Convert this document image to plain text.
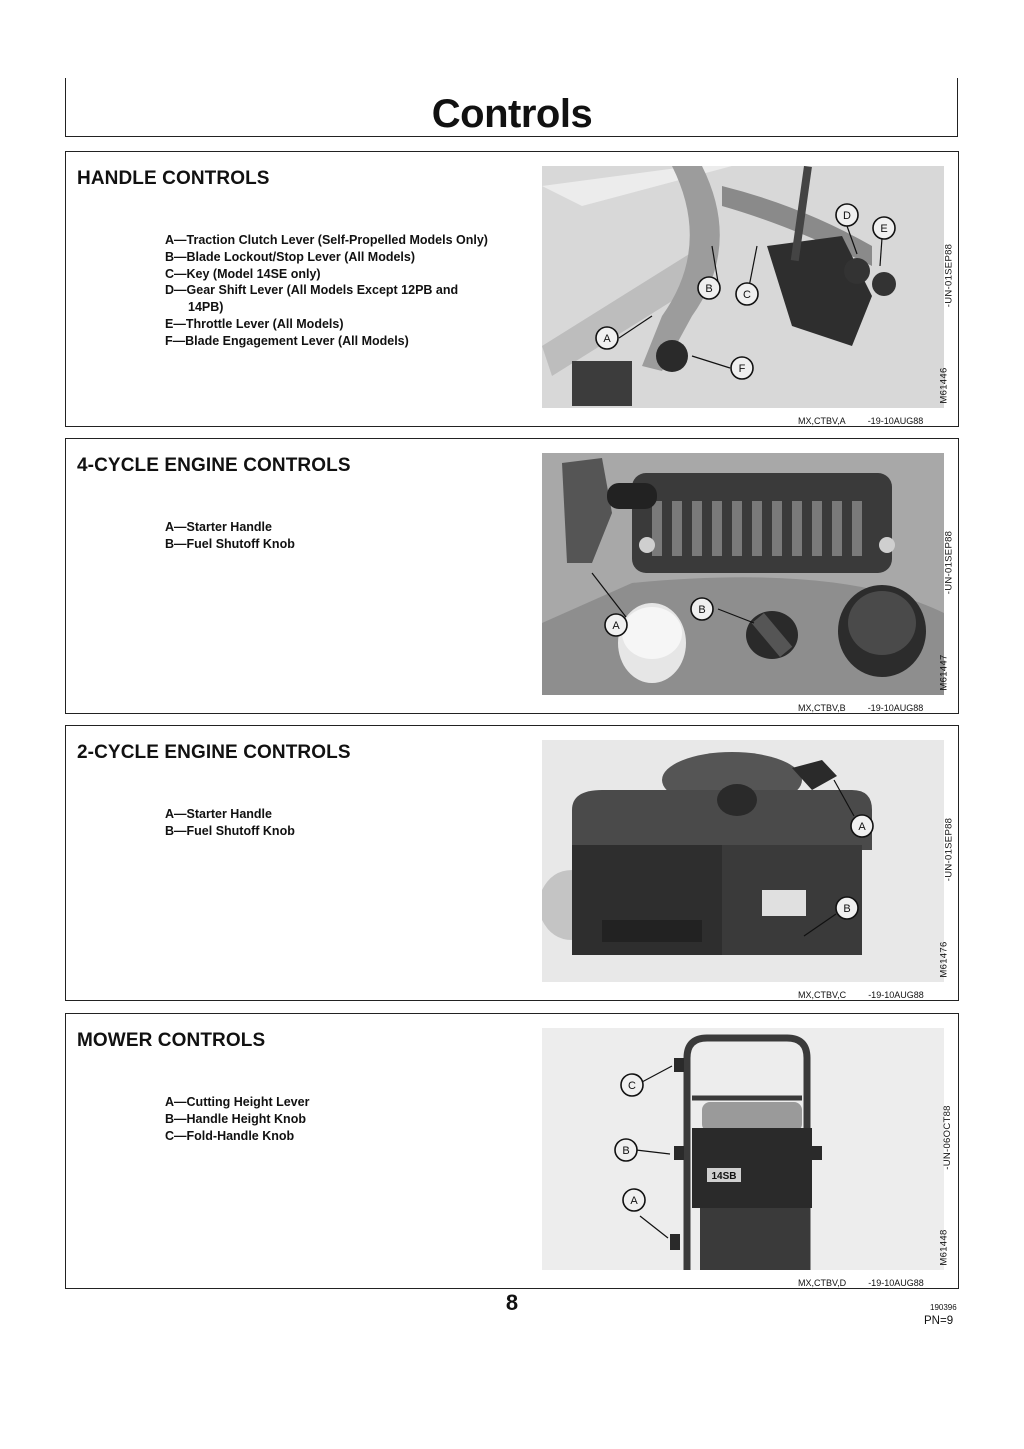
Controls
HANDLE CONTROLS
A—Traction Clutch Lever (Self-Propelled Models Only)
B—Blade Lockout/Stop Lever (All Models)
C—Key (Model 14SE only)
D—Gear Shift Lever (All Models Except 12PB and 14PB)
E—Throttle Lever (All Models)
F—Blade Engagement Lever (All Models)	A
B	C
D
E
F
-UN-01SEP88
M61446
MX,CTBV,A -19-10AUG88
4-CYCLE ENGINE CONTROLS
A—Starter Handle
B—Fuel Shutoff Knob
A
B
-UN-01SEP88
M61447
MX,CTBV,B -19-10AUG88
2-CYCLE ENGINE CONTROLS
A—Starter Handle
B—Fuel Shutoff Knob	A
B
-UN-01SEP88
M61476
MX,CTBV,C -19-10AUG88
MOWER CONTROLS
A—Cutting Height Lever
B—Handle Height Knob
C—Fold-Handle Knob
14SB
C
B
A
-UN-06OCT88
M61448
MX,CTBV,D -19-10AUG88
8	190396
PN=9
